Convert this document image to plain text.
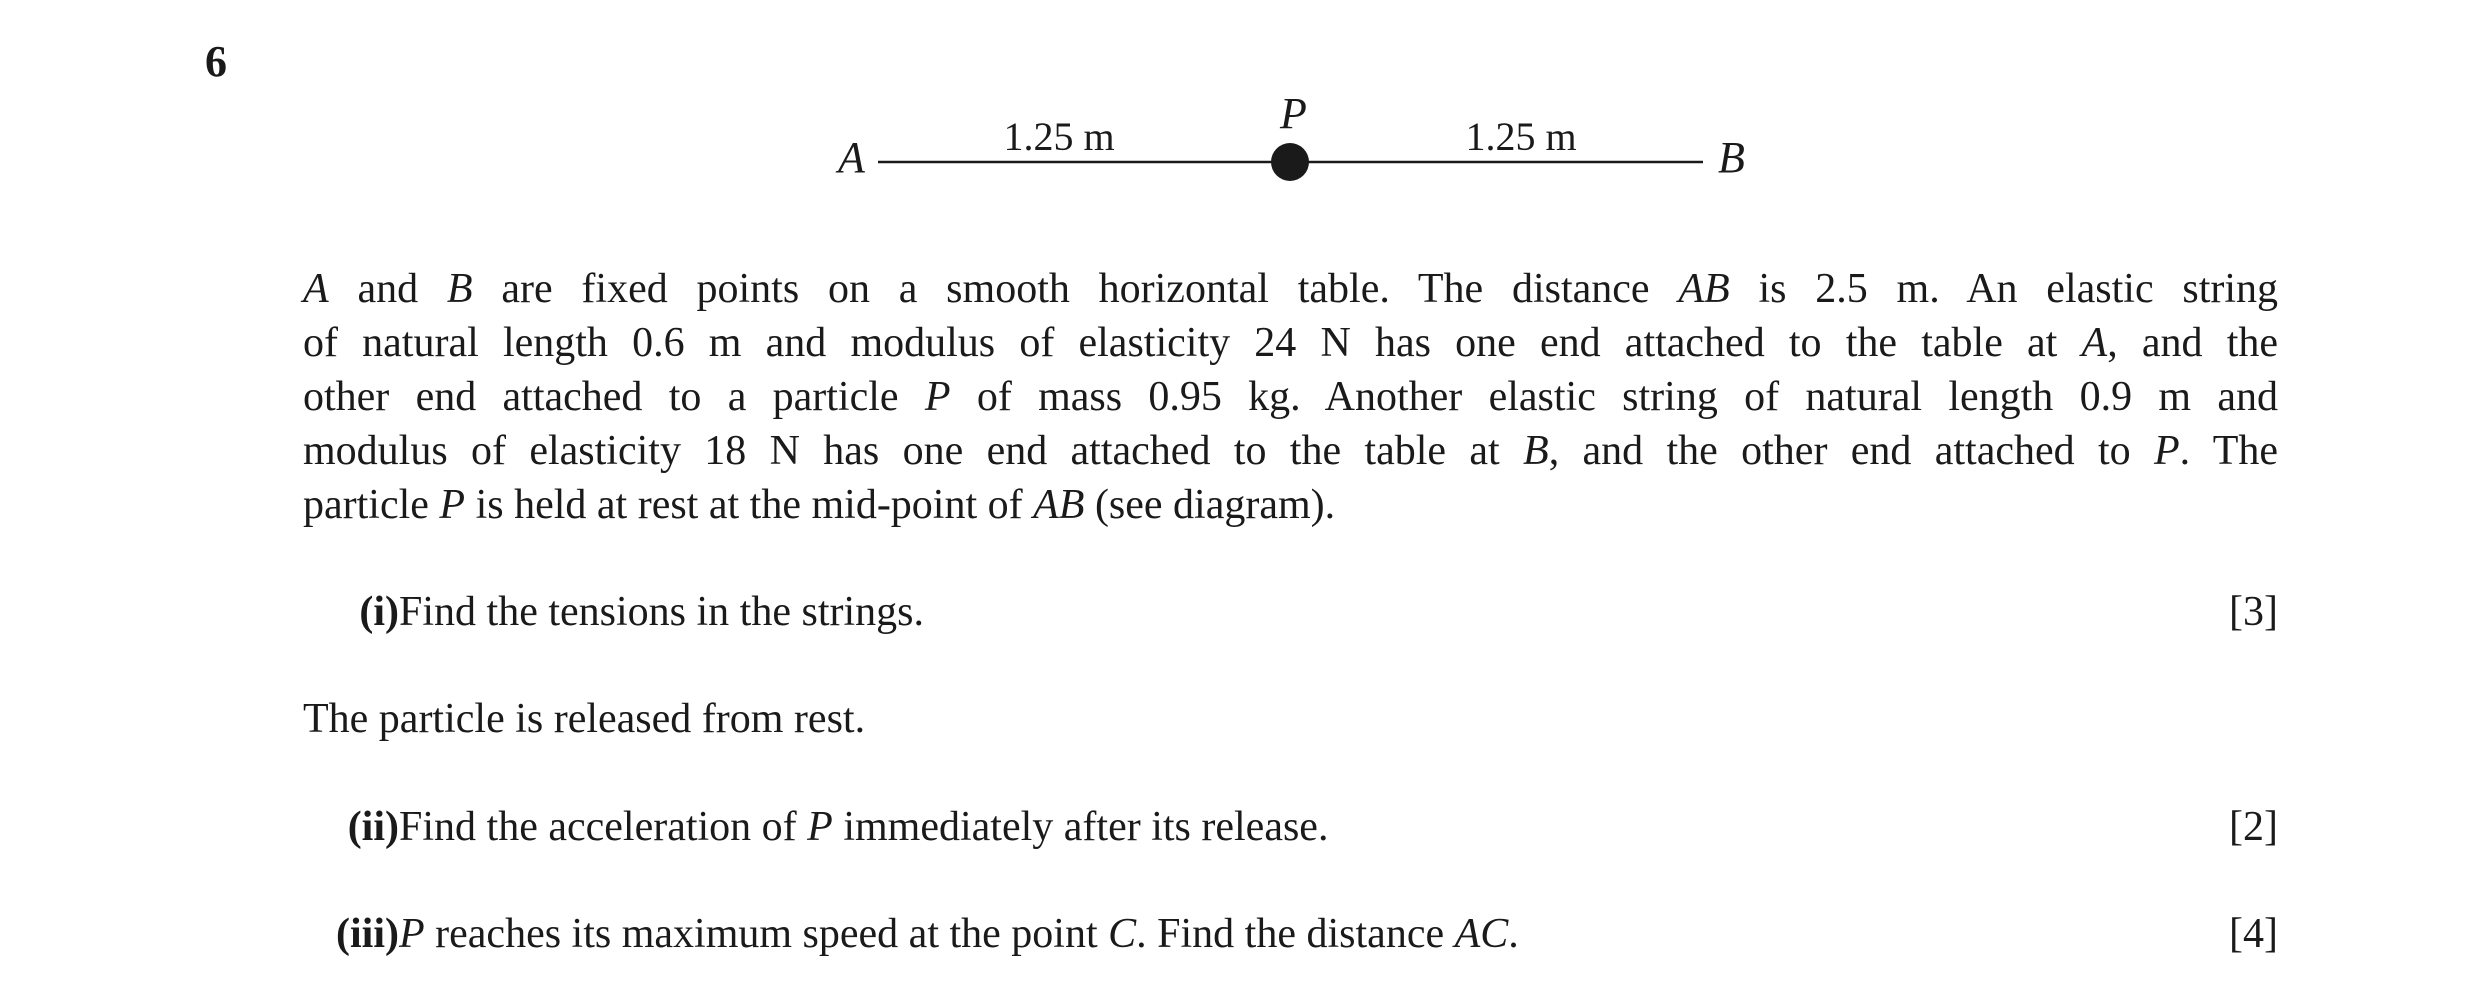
6
A	B
P
1.25 m	1.25 m
A and B are fixed points on a smooth horizontal table. The distance AB is 2.5 m. An elastic string
of natural length 0.6 m and modulus of elasticity 24 N has one end attached to the table at A, and the
other end attached to a particle P of mass 0.95 kg. Another elastic string of natural length 0.9 m and
modulus of elasticity 18 N has one end attached to the table at B, and the other end attached to P. The
particle P is held at rest at the mid-point of AB (see diagram).
(i) Find the tensions in the strings.	[3]
The particle is released from rest.
(ii) Find the acceleration of P immediately after its release.	[2]
(iii) P reaches its maximum speed at the point C. Find the distance AC.	[4]
